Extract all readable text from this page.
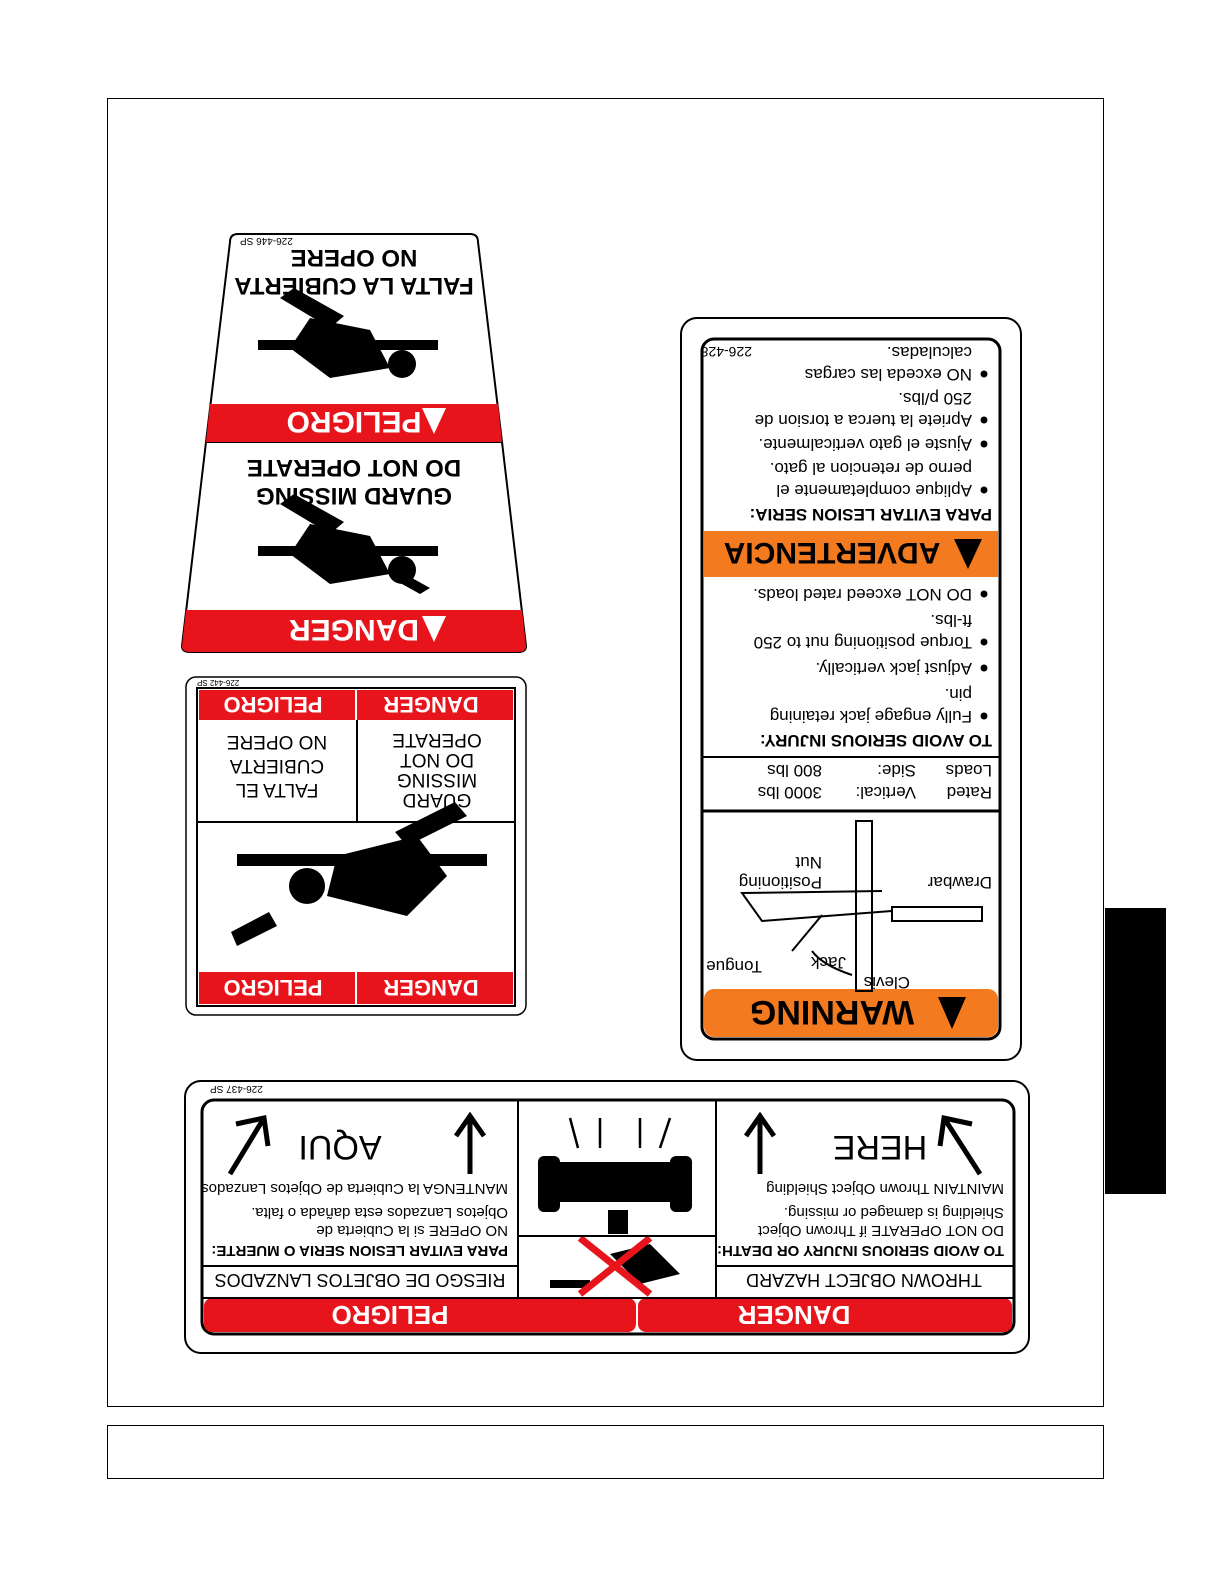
DANGER
GUARD MISSING
DO NOT OPERATE
PELIGRO
FALTA LA CUBIERTA
NO OPERE
226-446 SP
DANGER
PELIGRO
GUARD
MISSING
DO NOT
OPERATE
FALTA EL
CUBIERTA
NO OPERE
DANGER
PELIGRO
226-442 SP
WARNING
Tongue	Jack
Clevis
Drawbar
Positioning
Nut
Rated
Loads
Vertical:
Side:
3000 lbs
800 lbs
TO AVOID SERIOUS INJURY:
Fully engage jack retaining
pin.
Adjust jack vertically.
Torque positioning nut to 250
ft-lbs.
DO NOT exceed rated loads.
ADVERTENCIA
PARA EVITAR LESION SERIA:
Aplique completamente el
perno de retencion al gato.
Ajuste el gato verticalmente.
Apriete la tuerca a torsion de
250 p/lbs.
NO exceda las cargas
calculadas.
226-428
DANGER
PELIGRO
THROWN OBJECT HAZARD
TO AVOID SERIOUS INJURY OR DEATH:
DO NOT OPERATE if Thrown Object
Shielding is damaged or missing.
MAINTAIN Thrown Object Shielding
HERE
RIESGO DE OBJETOS LANZADOS
PARA EVITAR LESION SERIA O MUERTE:
NO OPERE si la Cubierta de
Objetos Lanzados esta dañada o falta.
MANTENGA la Cubierta de Objetos Lanzados
AQUI
226-437 SP
